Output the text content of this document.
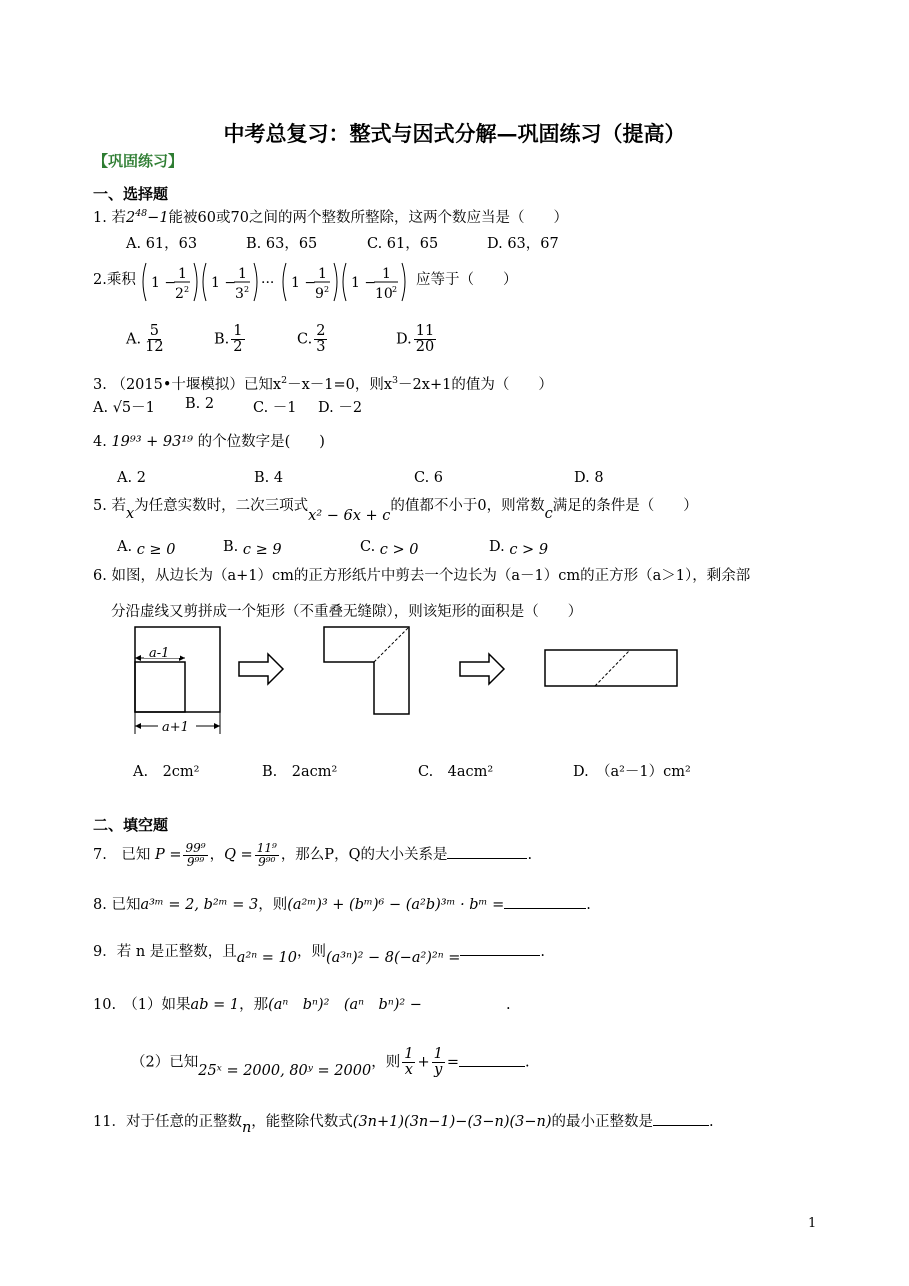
中考总复习：整式与因式分解—巩固练习（提高）
【巩固练习】
一、选择题
1. 若$2^{48}-1$能被60或70之间的两个整数所整除，这两个数应当是（　　）
A. 61，63	B. 63，65	C. 61，65	D. 63，67
2.乘积 1 −
1
2 2 1 −
1
3 2 ··· 1 −
1
9 2 1 −
1
10 2
应等于（　　）
A. $\frac{5}{12}$	B. $\frac{1}{2}$	C. $\frac{2}{3}$	D. $\frac{11}{20}$
3. （2015•十堰模拟）已知$x^2-x-1=0$，则$x^3-2x+1$的值为（　　）
A. √5－1 B. 2	C. －1 D. －2
4. 19⁹³ + 93¹⁹ 的个位数字是(　　)
A. 2	B. 4	C. 6	D. 8
5. 若x为任意实数时，二次三项式x² − 6x + c的值都不小于0，则常数c满足的条件是（　　）
A. c ≥ 0	B. c ≥ 9	C. c > 0	D. c > 9
6. 如图，从边长为（a+1）cm的正方形纸片中剪去一个边长为（a－1）cm的正方形（a＞1），剩余部
分沿虚线又剪拼成一个矩形（不重叠无缝隙），则该矩形的面积是（　　）
a-1
a+1
A.　2cm²	B.　2acm²	C.　4acm²	D.　（a²－1）cm²
二、填空题
7.　已知 $P = \frac{\text{99⁹}}{\text{9⁹⁹}}$ ，$Q = \frac{\text{11⁹}}{\text{9⁹⁰}}$ ，那么P，Q的大小关系是	.
8. 已知a³ᵐ = 2, b²ᵐ = 3，则(a²ᵐ)³ + (bᵐ)⁶ − (a²b)³ᵐ · bᵐ =	.
9．若 n 是正整数，且a²ⁿ = 10，则(a³ⁿ)² − 8(−a²)²ⁿ =	.
10.　（1）如果ab = 1，那(aⁿ　bⁿ)²　(aⁿ　bⁿ)² −	.
（2）已知25ˣ = 2000, 80ʸ = 2000，则 $\frac{1}{x} + \frac{1}{y}$ =	.
11．对于任意的正整数n，能整除代数式(3n+1)(3n−1)−(3−n)(3−n)的最小正整数是	.
1
